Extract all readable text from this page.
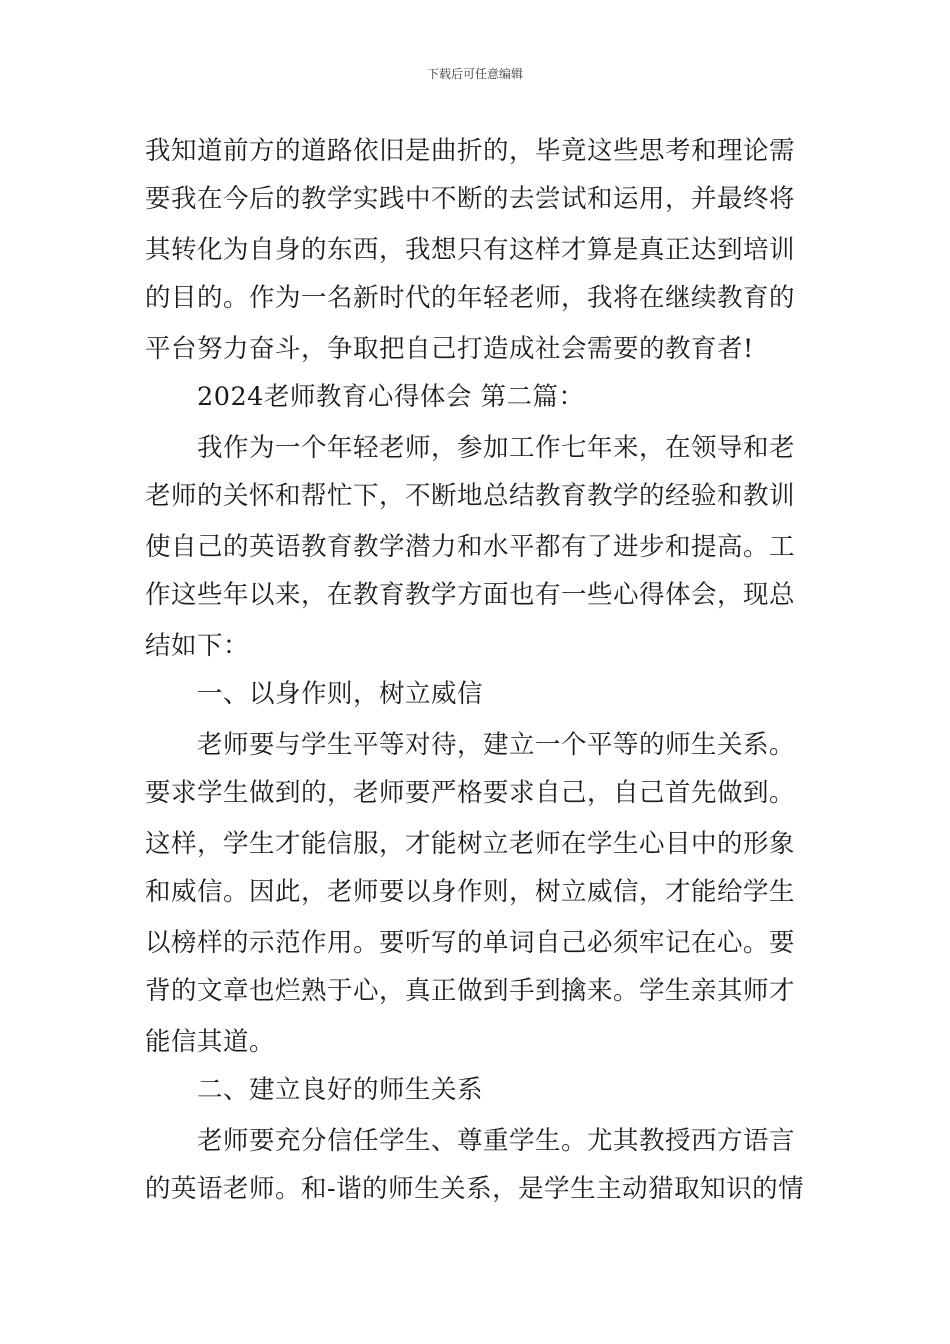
下载后可任意编辑
我知道前方的道路依旧是曲折的，毕竟这些思考和理论需
要我在今后的教学实践中不断的去尝试和运用，并最终将
其转化为自身的东西，我想只有这样才算是真正达到培训
的目的。作为一名新时代的年轻老师，我将在继续教育的
平台努力奋斗，争取把自己打造成社会需要的教育者!
2024老师教育心得体会 第二篇：
我作为一个年轻老师，参加工作七年来，在领导和老
老师的关怀和帮忙下，不断地总结教育教学的经验和教训
使自己的英语教育教学潜力和水平都有了进步和提高。工
作这些年以来，在教育教学方面也有一些心得体会，现总
结如下：
一、以身作则，树立威信
老师要与学生平等对待，建立一个平等的师生关系。
要求学生做到的，老师要严格要求自己，自己首先做到。
这样，学生才能信服，才能树立老师在学生心目中的形象
和威信。因此，老师要以身作则，树立威信，才能给学生
以榜样的示范作用。要听写的单词自己必须牢记在心。要
背的文章也烂熟于心，真正做到手到擒来。学生亲其师才
能信其道。
二、建立良好的师生关系
老师要充分信任学生、尊重学生。尤其教授西方语言
的英语老师。和-谐的师生关系，是学生主动猎取知识的情
